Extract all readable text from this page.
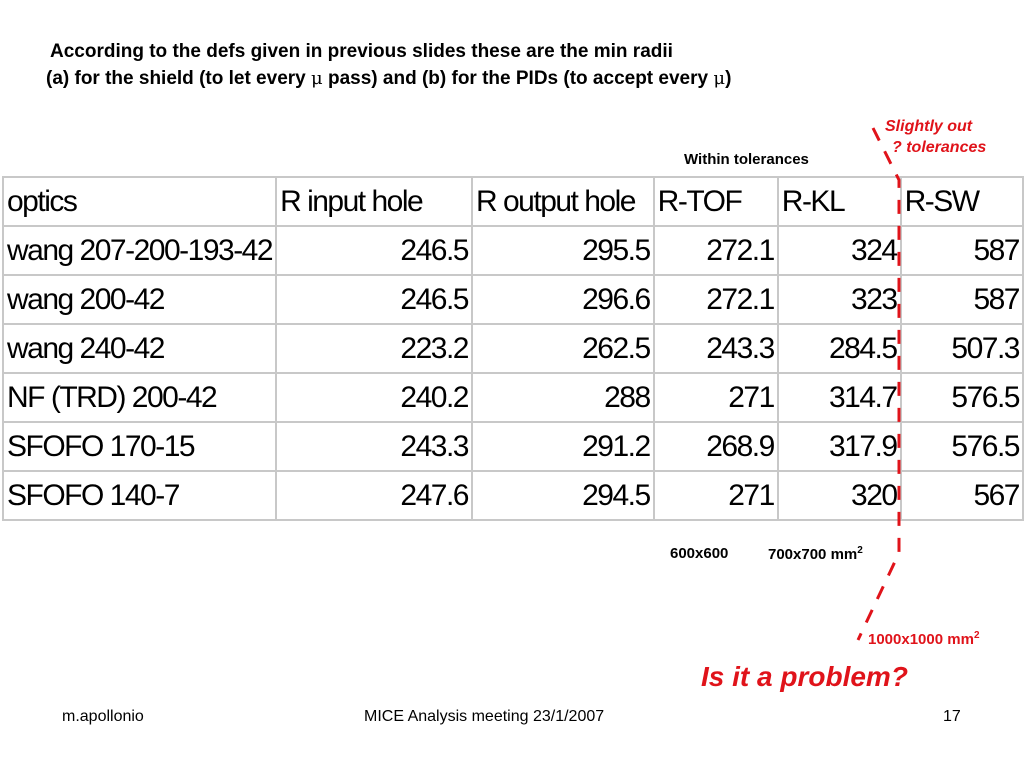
According to the defs given in previous slides these are the min radii
(a) for the shield (to let every μ pass) and (b) for the PIDs (to accept every μ)
Slightly out
? tolerances
Within tolerances
optics	R input hole	R output hole	R-TOF	R-KL	R-SW
wang 207-200-193-42	246.5	295.5	272.1	324	587
wang 200-42	246.5	296.6	272.1	323	587
wang 240-42	223.2	262.5	243.3	284.5	507.3
NF (TRD) 200-42	240.2	288	271	314.7	576.5
SFOFO 170-15	243.3	291.2	268.9	317.9	576.5
SFOFO 140-7	247.6	294.5	271	320	567
600x600	700x700 $mm^2$
1000x1000 $mm^2$
Is it a problem?
m.apollonio	MICE Analysis meeting 23/1/2007	17
